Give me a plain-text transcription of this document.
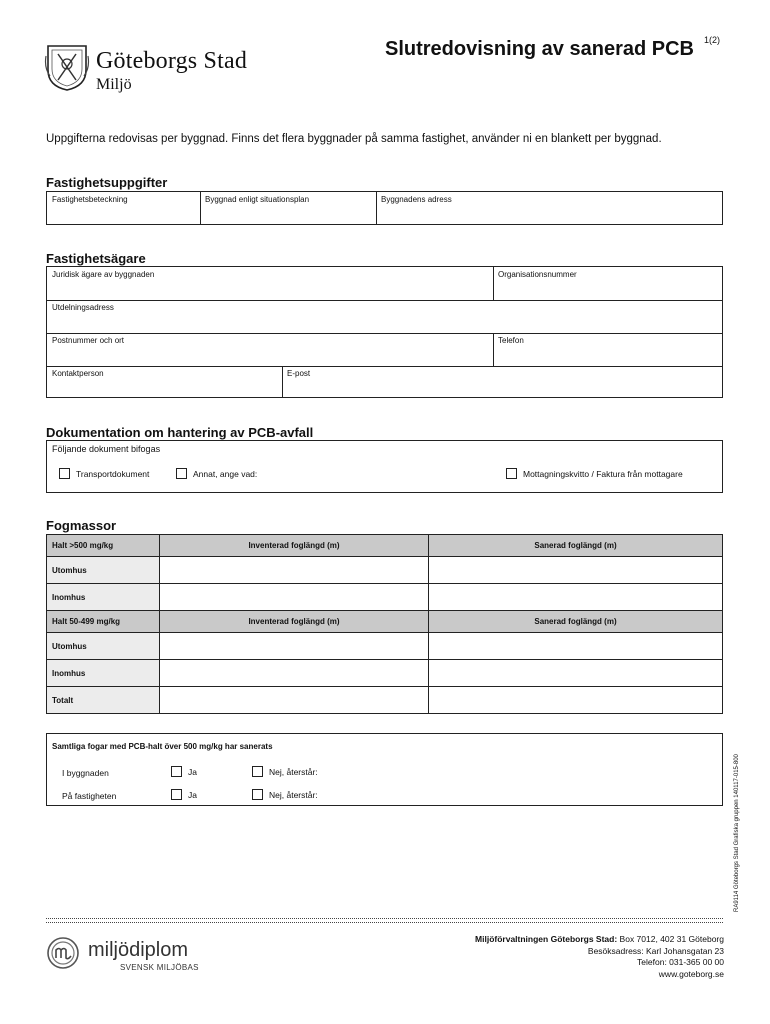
Göteborgs Stad
Miljö
Slutredovisning av sanerad PCB 1(2)
Uppgifterna redovisas per byggnad. Finns det flera byggnader på samma fastighet, använder ni en blankett per byggnad.
Fastighetsuppgifter
Fastighetsbeteckning	Byggnad enligt situationsplan	Byggnadens adress
Fastighetsägare
Juridisk ägare av byggnaden	Organisationsnummer
Utdelningsadress
Postnummer och ort	Telefon
Kontaktperson	E-post
Dokumentation om hantering av PCB-avfall
Följande dokument bifogas
Transportdokument	Annat, ange vad:	Mottagningskvitto / Faktura från mottagare
Fogmassor
Halt >500 mg/kg	Inventerad foglängd (m)	Sanerad foglängd (m)
Utomhus		
Inomhus		
Halt 50-499 mg/kg	Inventerad foglängd (m)	Sanerad foglängd (m)
Utomhus		
Inomhus		
Totalt		
Samtliga fogar med PCB-halt över 500 mg/kg har sanerats
I byggnaden	Ja	Nej, återstår:
På fastigheten	Ja	Nej, återstår:	RA9114 Göteborgs Stad Grafiska gruppen 140117-015-800
miljödiplom
SVENSK MILJÖBAS
Miljöförvaltningen Göteborgs Stad: Box 7012, 402 31 Göteborg
Besöksadress: Karl Johansgatan 23
Telefon: 031-365 00 00
www.goteborg.se
